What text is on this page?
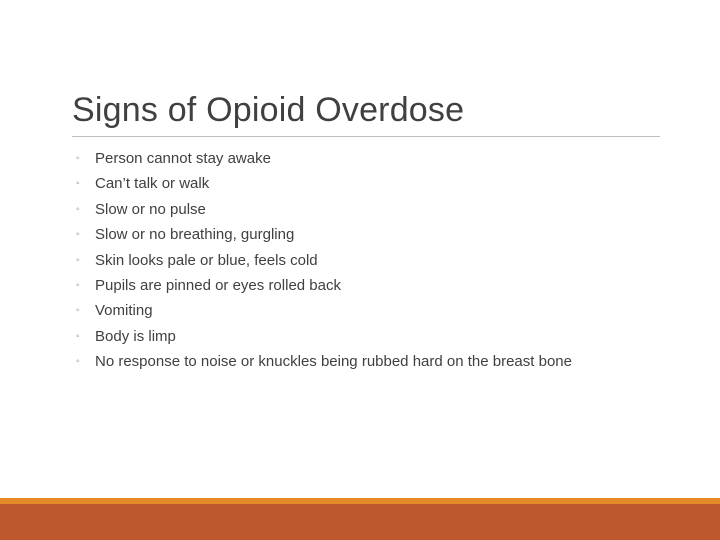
Signs of Opioid Overdose
◦ Person cannot stay awake
◦ Can’t talk or walk
◦ Slow or no pulse
◦ Slow or no breathing, gurgling
◦ Skin looks pale or blue, feels cold
◦ Pupils are pinned or eyes rolled back
◦ Vomiting
◦ Body is limp
◦ No response to noise or knuckles being rubbed hard on the breast bone
